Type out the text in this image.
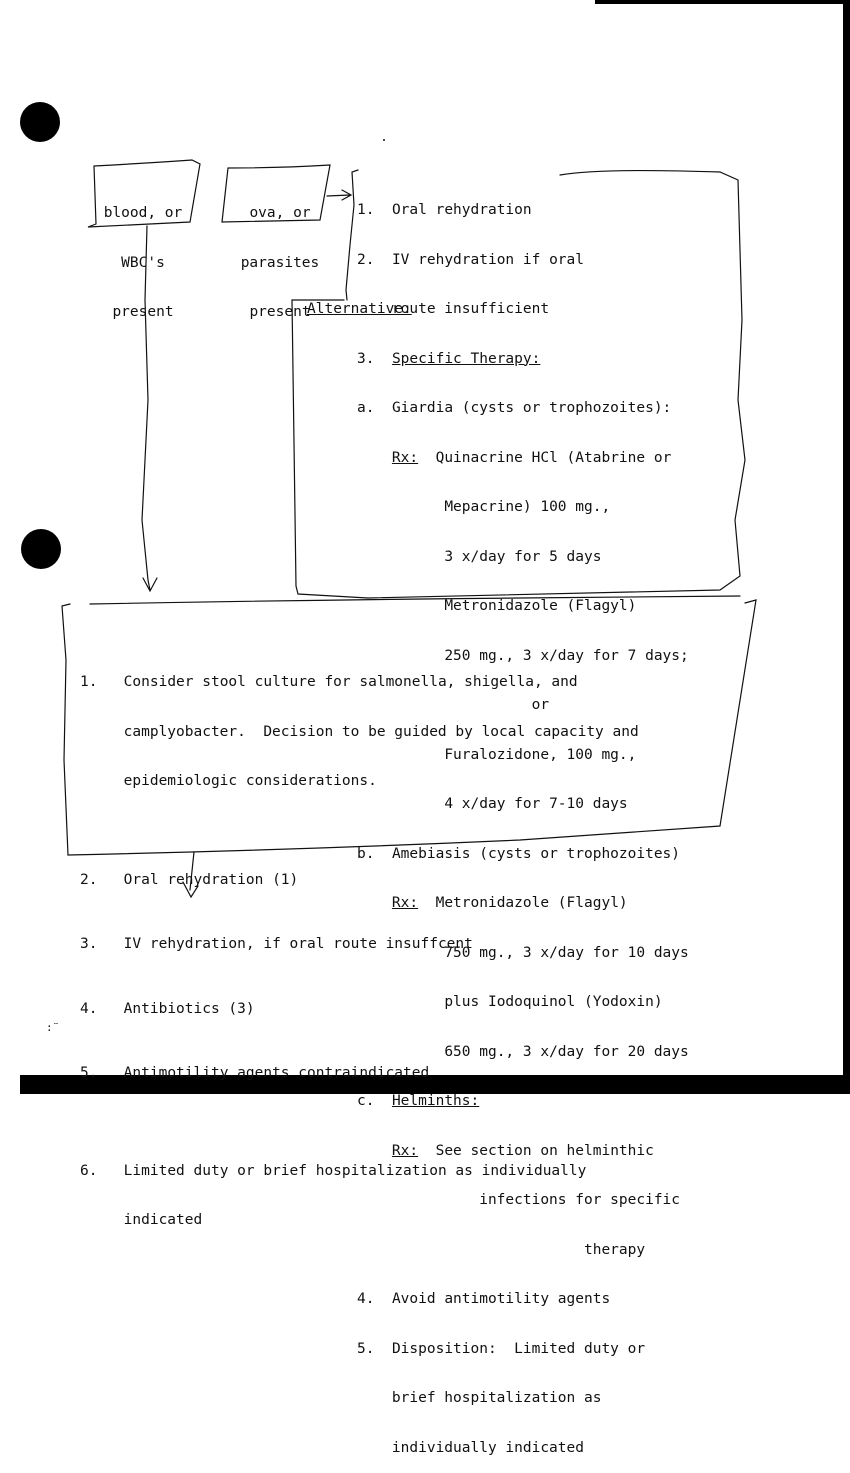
blood, or

WBC's

present

ova, or

parasites

present

1. Oral rehydration

2. IV rehydration if oral

route insufficient

3. Specific Therapy:

a. Giardia (cysts or trophozoites):

Rx: Quinacrine HCl (Atabrine or

Mepacrine) 100 mg.,

3 x/day for 5 days

Metronidazole (Flagyl)

250 mg., 3 x/day for 7 days;

or

Furalozidone, 100 mg.,

4 x/day for 7-10 days

b. Amebiasis (cysts or trophozoites)

Rx: Metronidazole (Flagyl)

750 mg., 3 x/day for 10 days

plus Iodoquinol (Yodoxin)

650 mg., 3 x/day for 20 days

c. Helminths:

Rx: See section on helminthic

infections for specific

therapy

4. Avoid antimotility agents

5. Disposition:  Limited duty or

brief hospitalization as

individually indicated

Alternative:

1. Consider stool culture for salmonella, shigella, and

camplyobacter.  Decision to be guided by local capacity and

epidemiologic considerations.

2. Oral rehydration (1)

3. IV rehydration, if oral route insuffcent

4. Antibiotics (3)

5. Antimotility agents contraindicated

6. Limited duty or brief hospitalization as individually

indicated

:¨
